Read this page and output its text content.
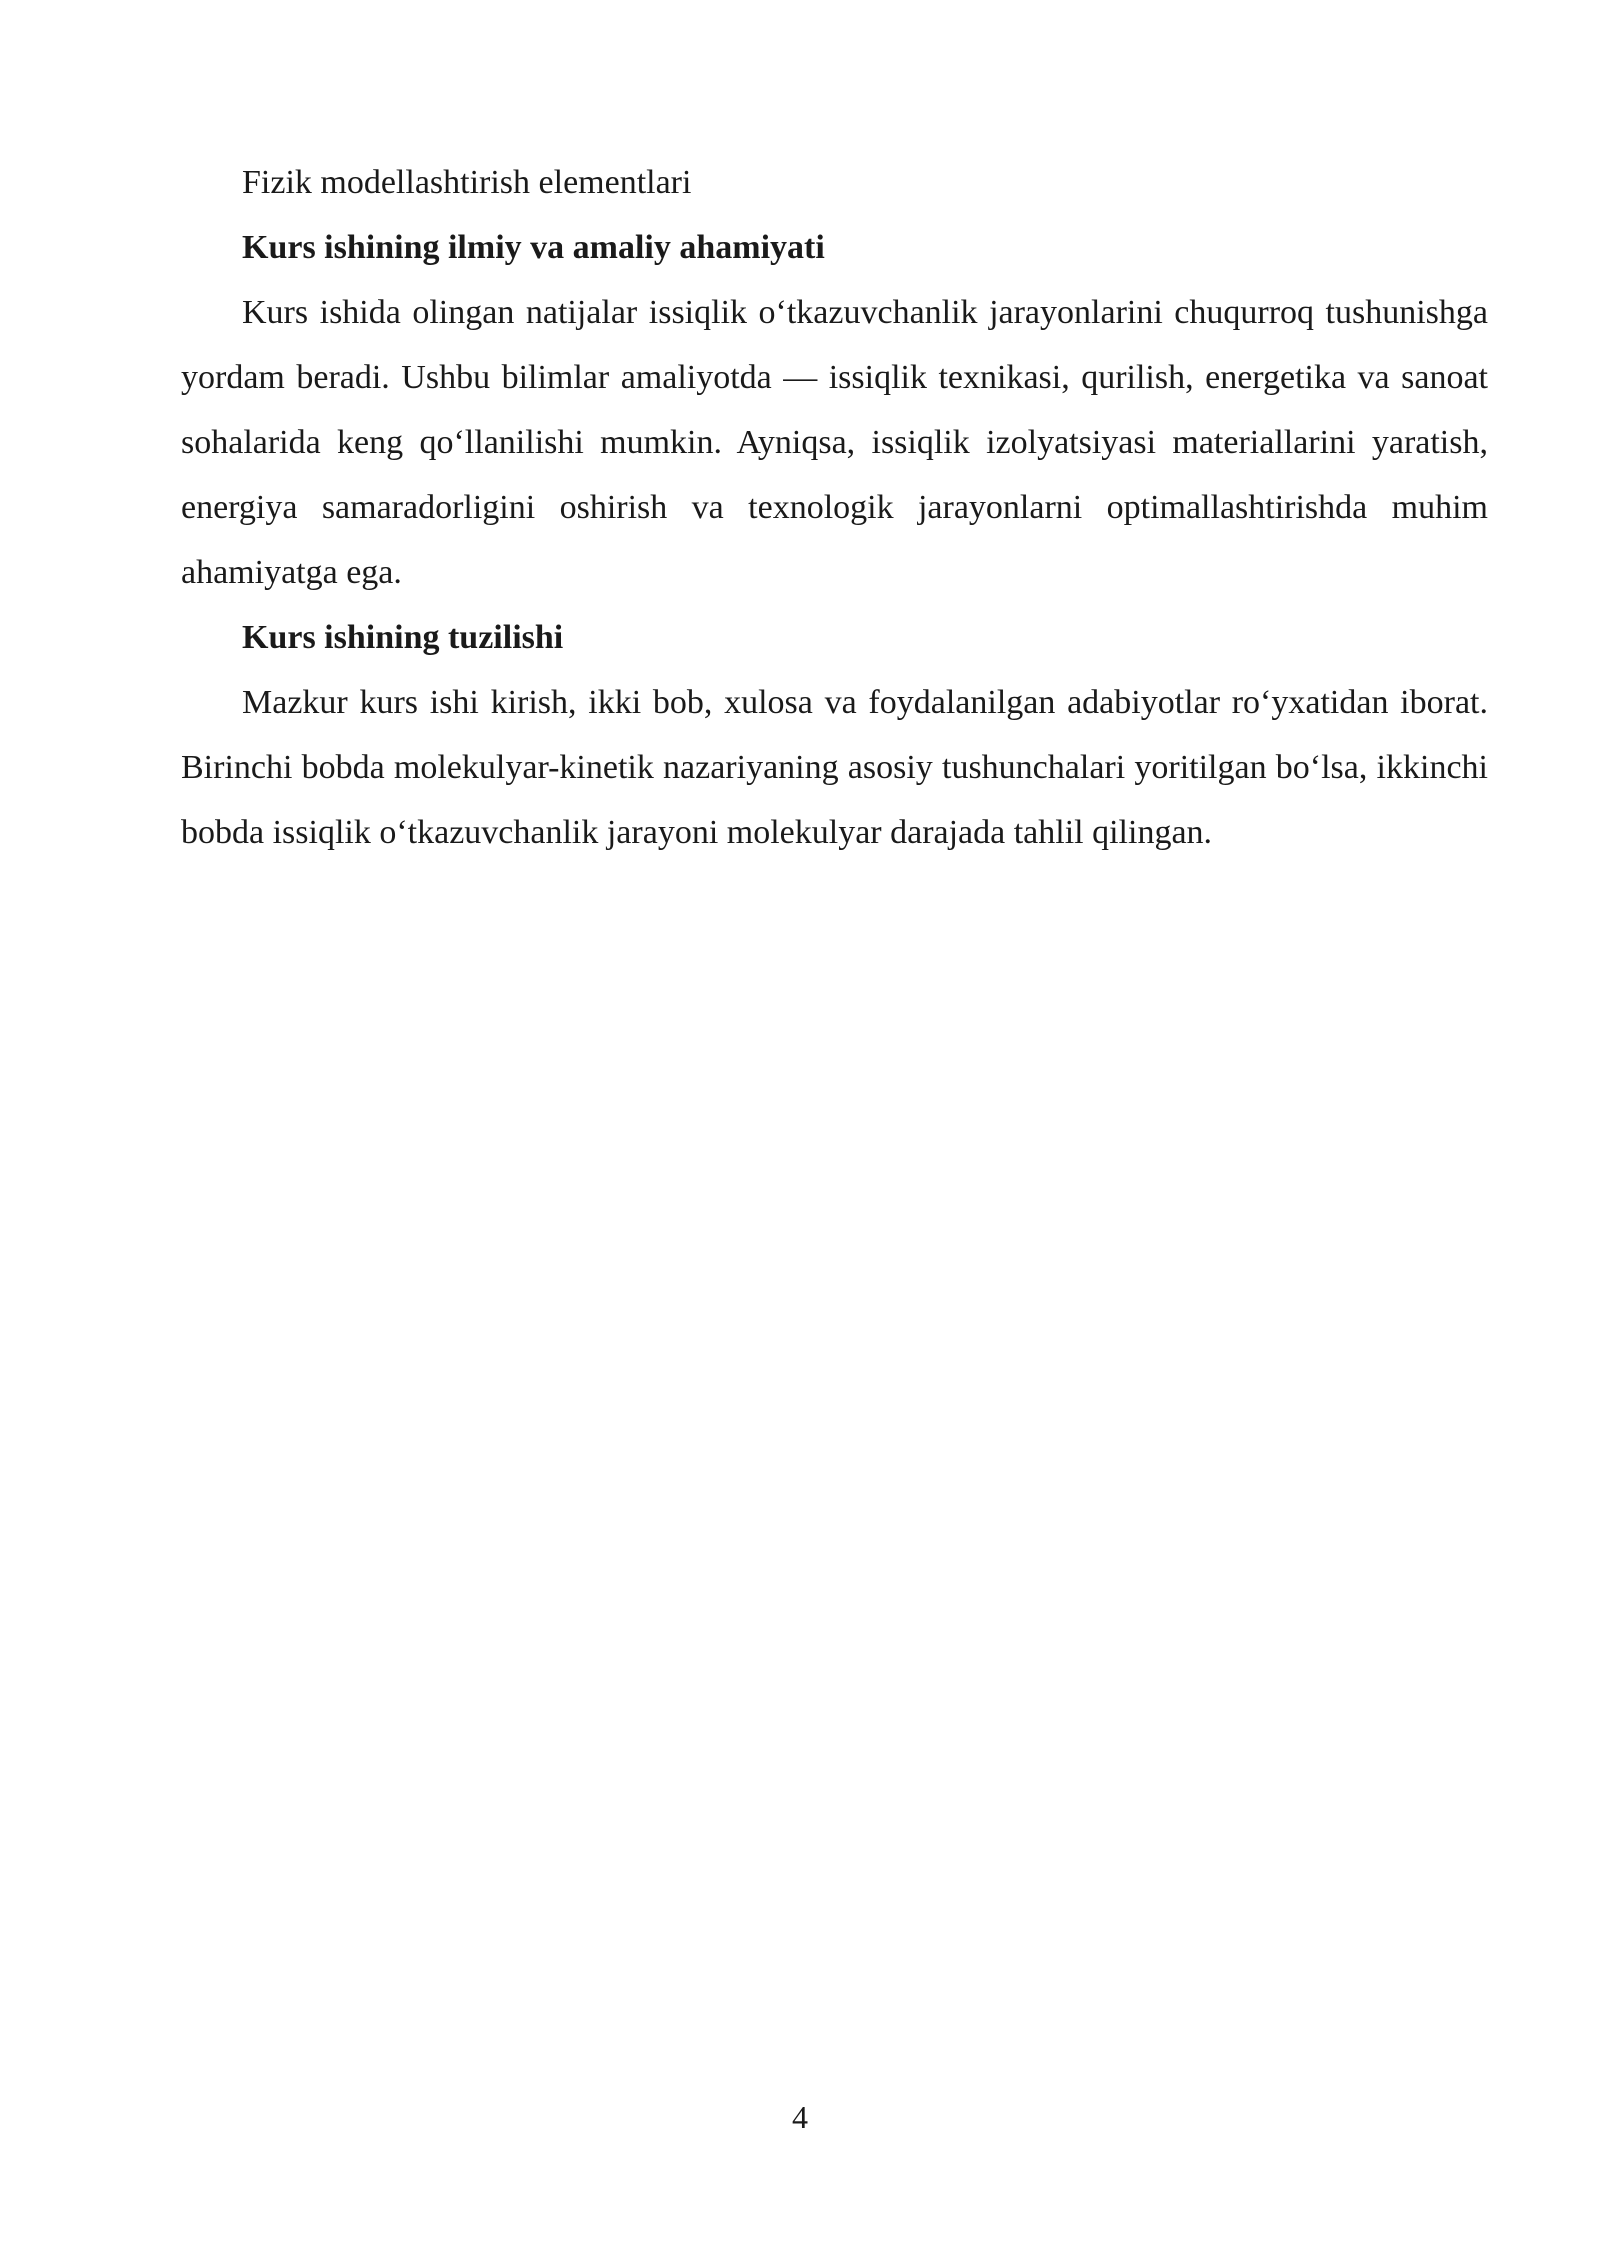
Fizik modellashtirish elementlari

Kurs ishining ilmiy va amaliy ahamiyati

Kurs ishida olingan natijalar issiqlik o‘tkazuvchanlik jarayonlarini chuqurroq tushunishga yordam beradi. Ushbu bilimlar amaliyotda — issiqlik texnikasi, qurilish, energetika va sanoat sohalarida keng qo‘llanilishi mumkin. Ayniqsa, issiqlik izolyatsiyasi materiallarini yaratish, energiya samaradorligini oshirish va texnologik jarayonlarni optimallashtirishda muhim ahamiyatga ega.

Kurs ishining tuzilishi

Mazkur kurs ishi kirish, ikki bob, xulosa va foydalanilgan adabiyotlar ro‘yxatidan iborat. Birinchi bobda molekulyar-kinetik nazariyaning asosiy tushunchalari yoritilgan bo‘lsa, ikkinchi bobda issiqlik o‘tkazuvchanlik jarayoni molekulyar darajada tahlil qilingan.

4
